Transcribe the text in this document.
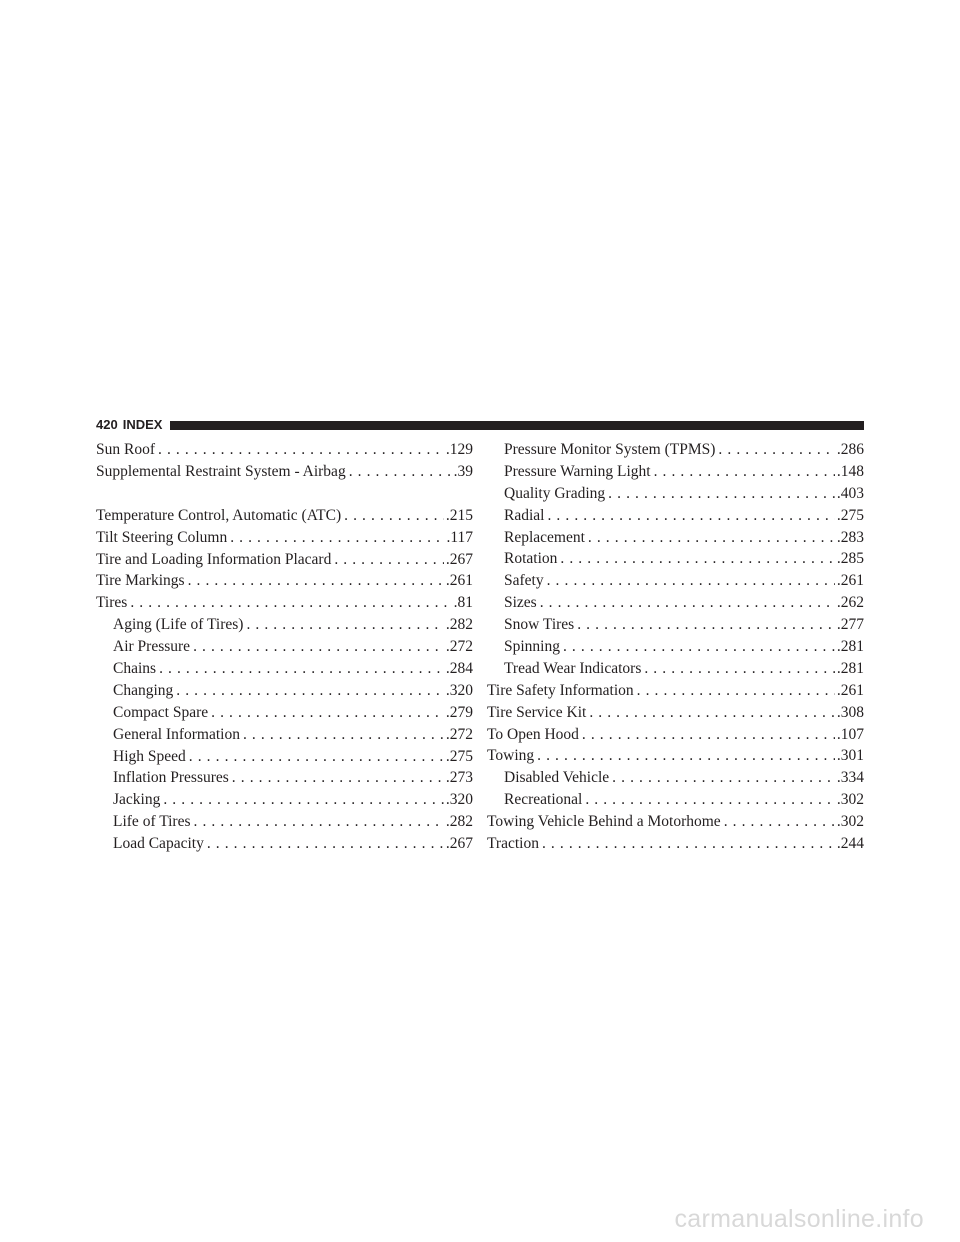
420 INDEX
Sun Roof . . .	.129
Supplemental Restraint System - Airbag . . .	.39
Temperature Control, Automatic (ATC) . . .	.215
Tilt Steering Column . . .	.117
Tire and Loading Information Placard . . .	.267
Tire Markings . . .	.261
Tires . . .	.81
Aging (Life of Tires) . . .	.282
Air Pressure . . .	.272
Chains . . .	.284
Changing . . .	.320
Compact Spare . . .	.279
General Information . . .	.272
High Speed . . .	.275
Inflation Pressures . . .	.273
Jacking . . .	.320
Life of Tires . . .	.282
Load Capacity . . .	.267
Pressure Monitor System (TPMS) . . .	.286
Pressure Warning Light . . .	.148
Quality Grading . . .	.403
Radial . . .	.275
Replacement . . .	.283
Rotation . . .	.285
Safety . . .	.261
Sizes . . .	.262
Snow Tires . . .	.277
Spinning . . .	.281
Tread Wear Indicators . . .	.281
Tire Safety Information . . .	.261
Tire Service Kit . . .	.308
To Open Hood . . .	.107
Towing . . .	.301
Disabled Vehicle . . .	.334
Recreational . . .	.302
Towing Vehicle Behind a Motorhome . . .	.302
Traction . . .	.244
carmanualsonline.info
